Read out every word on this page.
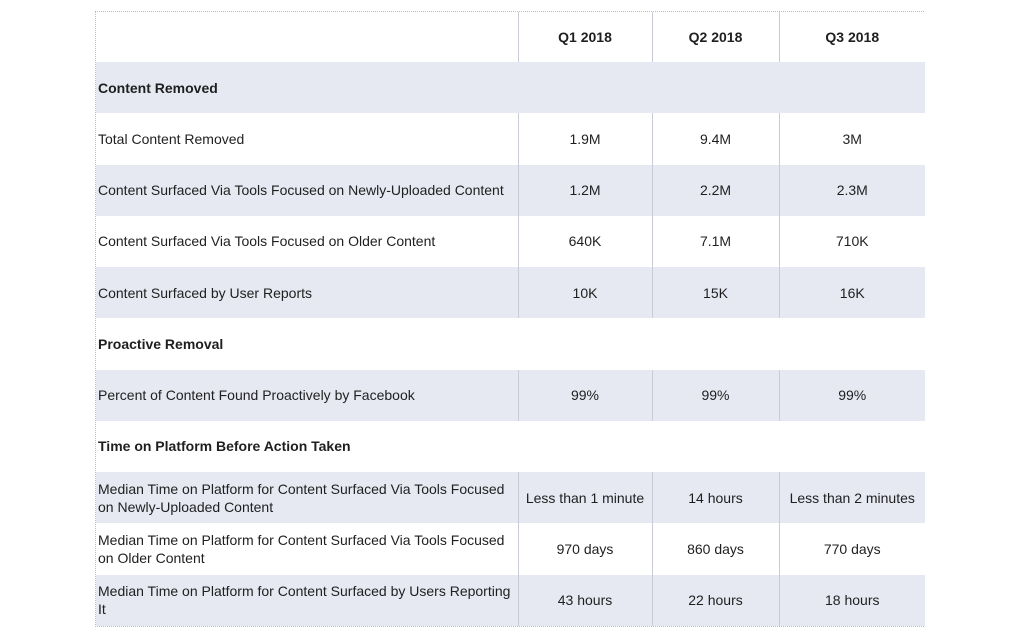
	Q1 2018	Q2 2018	Q3 2018
Content Removed			
Total Content Removed	1.9M	9.4M	3M
Content Surfaced Via Tools Focused on Newly-Uploaded Content	1.2M	2.2M	2.3M
Content Surfaced Via Tools Focused on Older Content	640K	7.1M	710K
Content Surfaced by User Reports	10K	15K	16K
Proactive Removal			
Percent of Content Found Proactively by Facebook	99%	99%	99%
Time on Platform Before Action Taken			
Median Time on Platform for Content Surfaced Via Tools Focused on Newly-Uploaded Content	Less than 1 minute	14 hours	Less than 2 minutes
Median Time on Platform for Content Surfaced Via Tools Focused on Older Content	970 days	860 days	770 days
Median Time on Platform for Content Surfaced by Users Reporting It	43 hours	22 hours	18 hours
